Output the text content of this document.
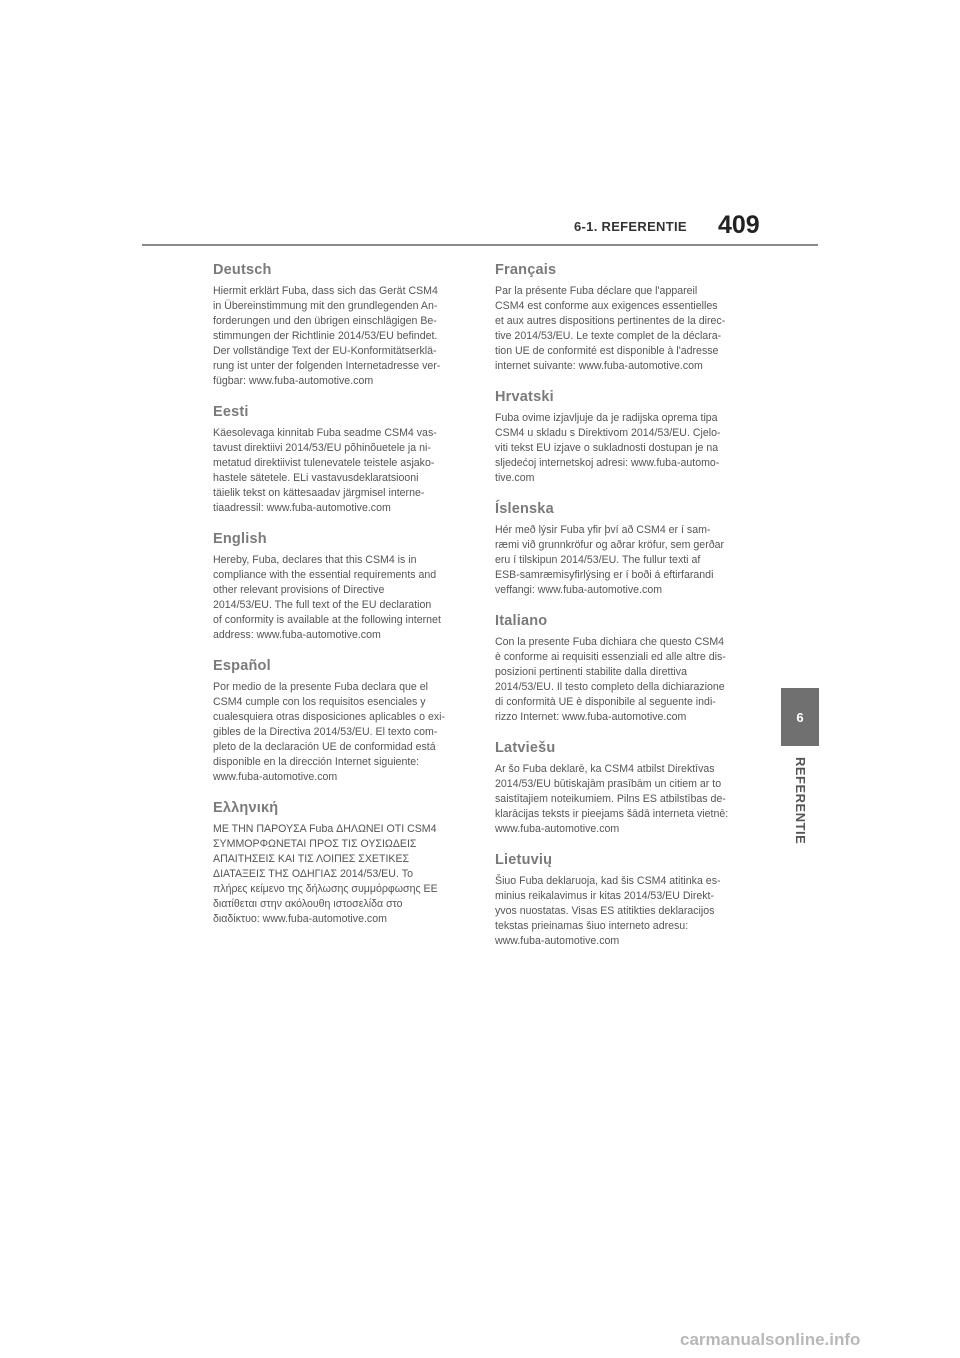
6-1. REFERENTIE 409
Deutsch

Hiermit erklärt Fuba, dass sich das Gerät CSM4
in Übereinstimmung mit den grundlegenden An-
forderungen und den übrigen einschlägigen Be-
stimmungen der Richtlinie 2014/53/EU befindet.
Der vollständige Text der EU-Konformitätserklä-
rung ist unter der folgenden Internetadresse ver-
fügbar: www.fuba-automotive.com

Eesti

Käesolevaga kinnitab Fuba seadme CSM4 vas-
tavust direktiivi 2014/53/EU põhinõuetele ja ni-
metatud direktiivist tulenevatele teistele asjako-
hastele sätetele. ELi vastavusdeklaratsiooni
täielik tekst on kättesaadav järgmisel interne-
tiaadressil: www.fuba-automotive.com

English

Hereby, Fuba, declares that this CSM4 is in
compliance with the essential requirements and
other relevant provisions of Directive
2014/53/EU. The full text of the EU declaration
of conformity is available at the following internet
address: www.fuba-automotive.com

Español

Por medio de la presente Fuba declara que el
CSM4 cumple con los requisitos esenciales y
cualesquiera otras disposiciones aplicables o exi-
gibles de la Directiva 2014/53/EU. El texto com-
pleto de la declaración UE de conformidad está
disponible en la dirección Internet siguiente:
www.fuba-automotive.com

Ελληνική

ΜΕ ΤΗΝ ΠΑΡΟΥΣΑ Fuba ΔΗΛΩΝΕΙ ΟΤΙ CSM4
ΣΥΜΜΟΡΦΩΝΕΤΑΙ ΠΡΟΣ ΤΙΣ ΟΥΣΙΩΔΕΙΣ
ΑΠΑΙΤΗΣΕΙΣ ΚΑΙ ΤΙΣ ΛΟΙΠΕΣ ΣΧΕΤΙΚΕΣ
ΔΙΑΤΑΞΕΙΣ ΤΗΣ ΟΔΗΓΙΑΣ 2014/53/EU. Το
πλήρες κείμενο της δήλωσης συμμόρφωσης ΕΕ
διατίθεται στην ακόλουθη ιστοσελίδα στο
διαδίκτυο: www.fuba-automotive.com

Français

Par la présente Fuba déclare que l'appareil
CSM4 est conforme aux exigences essentielles
et aux autres dispositions pertinentes de la direc-
tive 2014/53/EU. Le texte complet de la déclara-
tion UE de conformité est disponible à l'adresse
internet suivante: www.fuba-automotive.com

Hrvatski

Fuba ovime izjavljuje da je radijska oprema tipa
CSM4 u skladu s Direktivom 2014/53/EU. Cjelo-
viti tekst EU izjave o sukladnosti dostupan je na
sljedećoj internetskoj adresi: www.fuba-automo-
tive.com

Íslenska

Hér með lýsir Fuba yfir því að CSM4 er í sam-
ræmi við grunnkröfur og aðrar kröfur, sem gerðar
eru í tilskipun 2014/53/EU. The fullur texti af
ESB-samræmisyfirlýsing er í boði á eftirfarandi
veffangi: www.fuba-automotive.com

Italiano

Con la presente Fuba dichiara che questo CSM4
è conforme ai requisiti essenziali ed alle altre dis-
posizioni pertinenti stabilite dalla direttiva
2014/53/EU. Il testo completo della dichiarazione
di conformità UE è disponibile al seguente indi-
rizzo Internet: www.fuba-automotive.com

Latviešu

Ar šo Fuba deklarē, ka CSM4 atbilst Direktīvas
2014/53/EU būtiskajām prasībām un citiem ar to
saistītajiem noteikumiem. Pilns ES atbilstības de-
klarācijas teksts ir pieejams šādā interneta vietnē:
www.fuba-automotive.com

Lietuvių

Šiuo Fuba deklaruoja, kad šis CSM4 atitinka es-
minius reikalavimus ir kitas 2014/53/EU Direkt-
yvos nuostatas. Visas ES atitikties deklaracijos
tekstas prieinamas šiuo interneto adresu:
www.fuba-automotive.com

6
REFERENTIE
carmanualsonline.info
